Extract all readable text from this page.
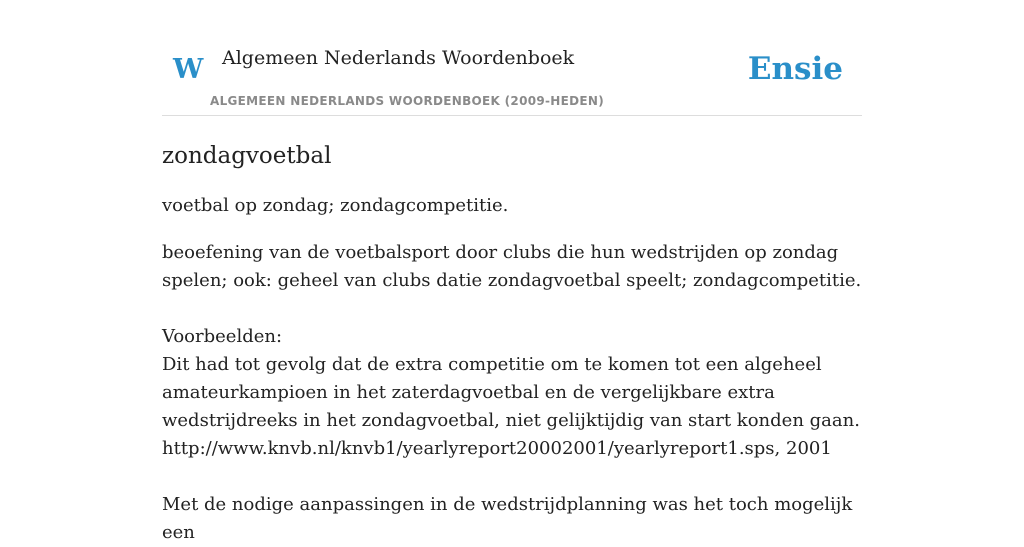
W Algemeen Nederlands Woordenboek
ALGEMEEN NEDERLANDS WOORDENBOEK (2009-HEDEN)
Ensie
zondagvoetbal

voetbal op zondag; zondagcompetitie.

beoefening van de voetbalsport door clubs die hun wedstrijden op zondag spelen; ook: geheel van clubs datie zondagvoetbal speelt; zondagcompetitie.

Voorbeelden:
Dit had tot gevolg dat de extra competitie om te komen tot een algeheel amateurkampioen in het zaterdagvoetbal en de vergelijkbare extra wedstrijdreeks in het zondagvoetbal, niet gelijktijdig van start konden gaan.
http://www.knvb.nl/knvb1/yearlyreport20002001/yearlyreport1.sps, 2001

Met de nodige aanpassingen in de wedstrijdplanning was het toch mogelijk een
